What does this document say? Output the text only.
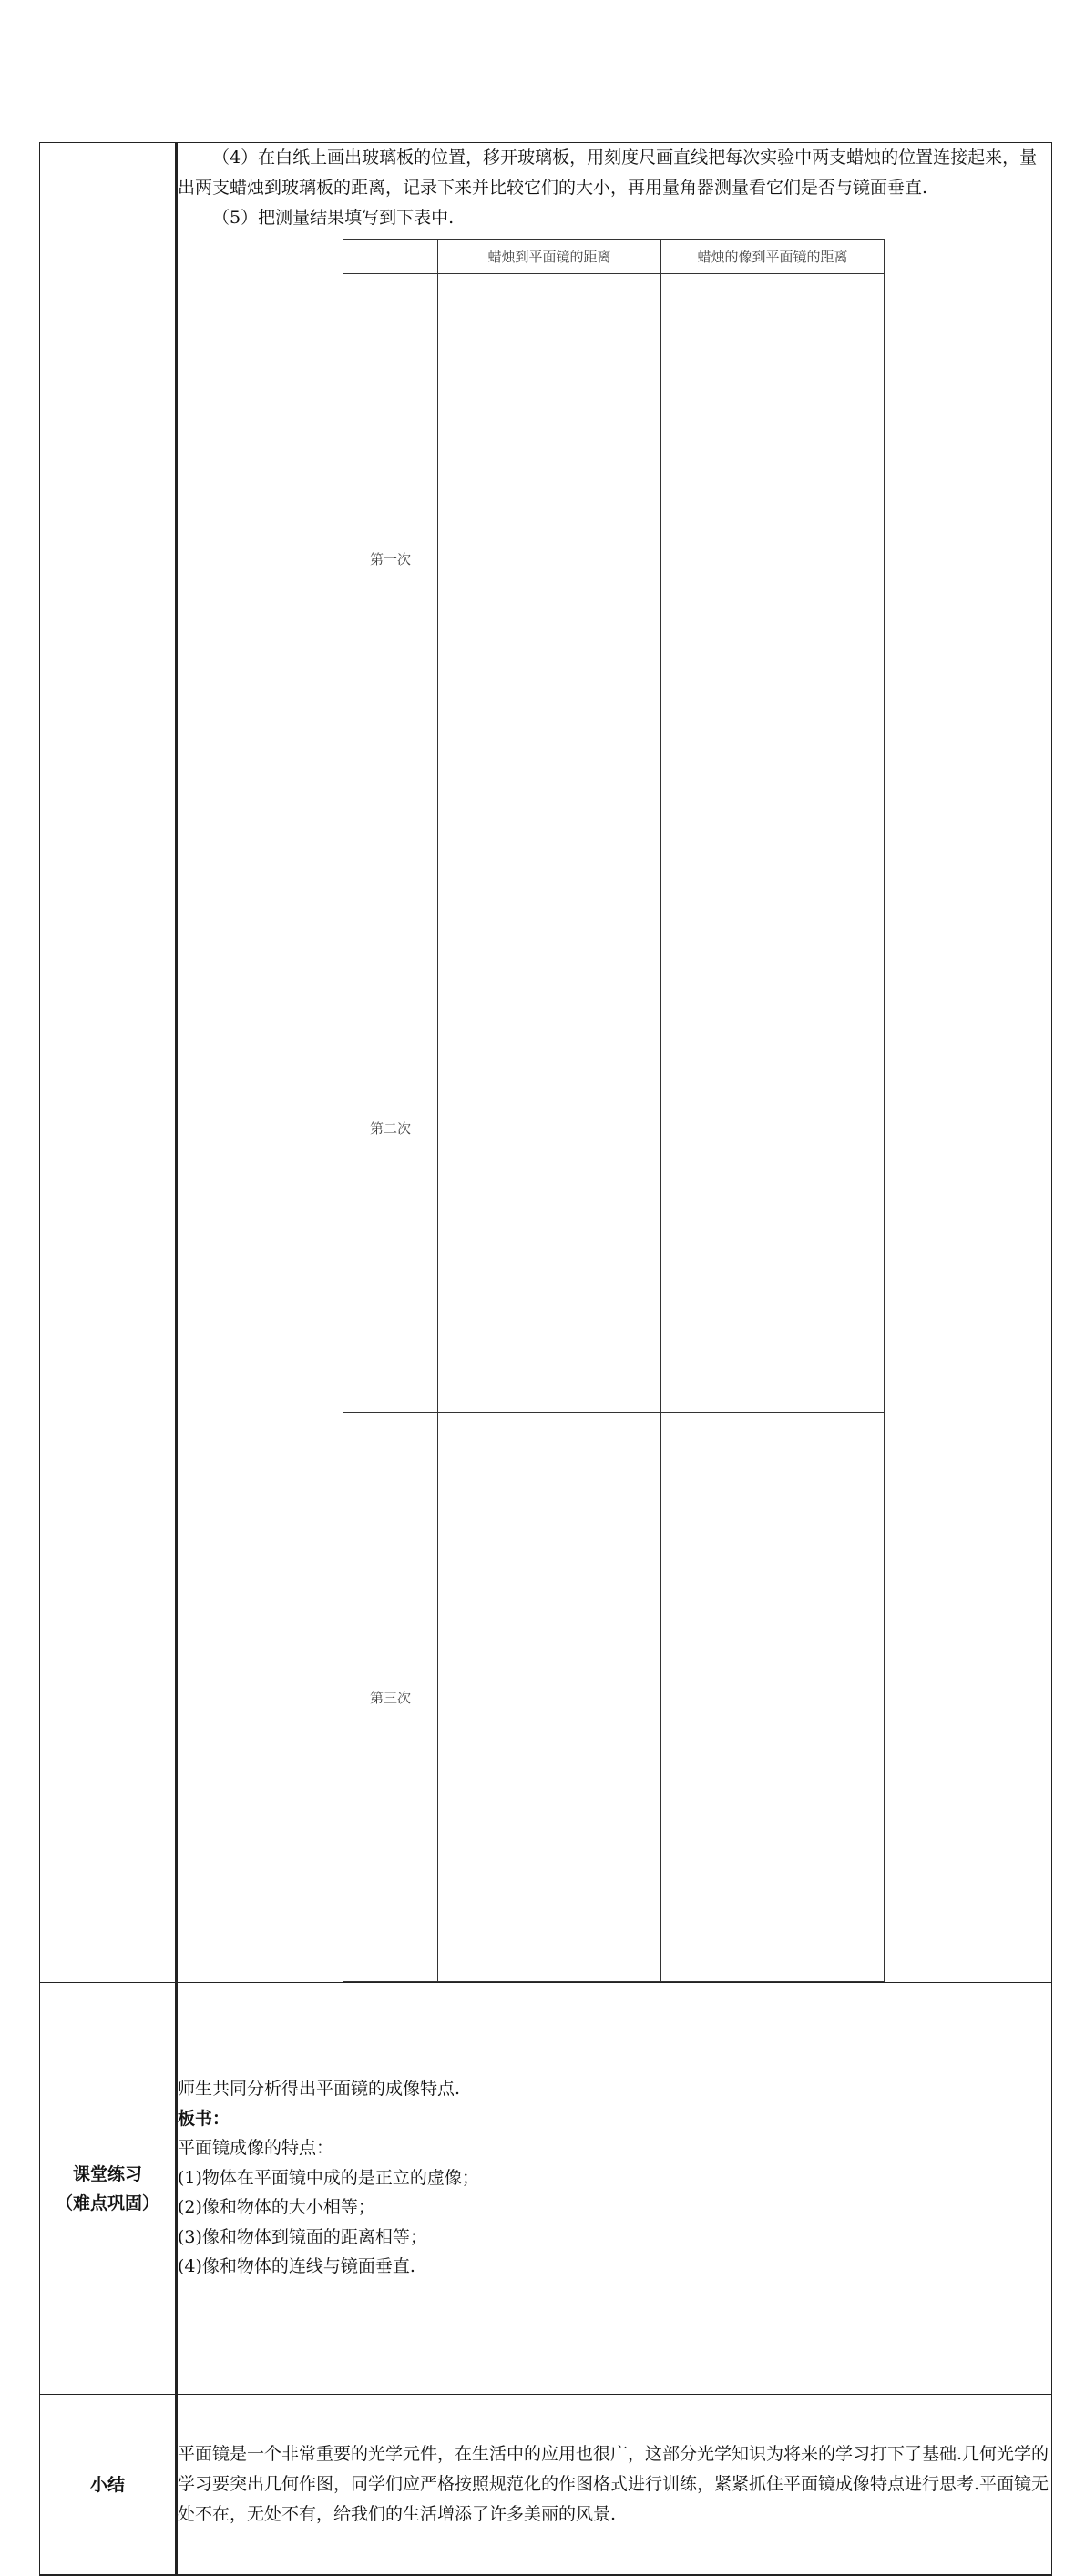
（4）在白纸上画出玻璃板的位置，移开玻璃板，用刻度尺画直线把每次实验中两支蜡烛的位置连接起来，量出两支蜡烛到玻璃板的距离，记录下来并比较它们的大小，再用量角器测量看它们是否与镜面垂直.

（5）把测量结果填写到下表中.

	蜡烛到平面镜的距离	蜡烛的像到平面镜的距离
第一次		
第二次		
第三次		

课堂练习
（难点巩固）

师生共同分析得出平面镜的成像特点.

板书：

平面镜成像的特点：

(1)物体在平面镜中成的是正立的虚像；

(2)像和物体的大小相等；

(3)像和物体到镜面的距离相等；

(4)像和物体的连线与镜面垂直.

小结	

平面镜是一个非常重要的光学元件，在生活中的应用也很广，这部分光学知识为将来的学习打下了基础.几何光学的学习要突出几何作图，同学们应严格按照规范化的作图格式进行训练，紧紧抓住平面镜成像特点进行思考.平面镜无处不在，无处不有，给我们的生活增添了许多美丽的风景.
